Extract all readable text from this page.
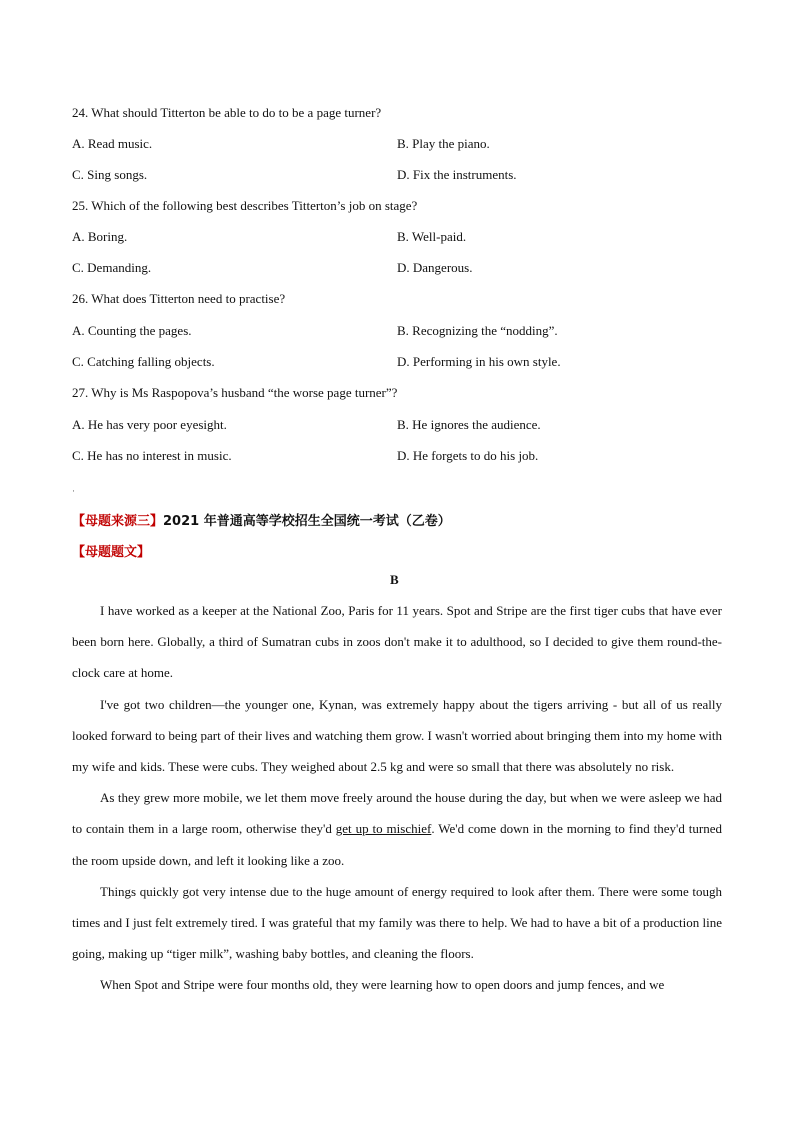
24. What should Titterton be able to do to be a page turner?
A. Read music.	B. Play the piano.
C. Sing songs.	D. Fix the instruments.
25. Which of the following best describes Titterton’s job on stage?
A. Boring.	B. Well-paid.
C. Demanding.	D. Dangerous.
26. What does Titterton need to practise?
A. Counting the pages.	B. Recognizing the “nodding”.
C. Catching falling objects.	D. Performing in his own style.
27. Why is Ms Raspopova’s husband “the worse page turner”?
A. He has very poor eyesight.	B. He ignores the audience.
C. He has no interest in music.	D. He forgets to do his job.
·
【母题来源三】2021 年普通高等学校招生全国统一考试（乙卷）
【母题题文】
B

I have worked as a keeper at the National Zoo, Paris for 11 years. Spot and Stripe are the first tiger cubs that have ever been born here. Globally, a third of Sumatran cubs in zoos don't make it to adulthood, so I decided to give them round-the-clock care at home.

I've got two children—the younger one, Kynan, was extremely happy about the tigers arriving - but all of us really looked forward to being part of their lives and watching them grow. I wasn't worried about bringing them into my home with my wife and kids. These were cubs. They weighed about 2.5 kg and were so small that there was absolutely no risk.

As they grew more mobile, we let them move freely around the house during the day, but when we were asleep we had to contain them in a large room, otherwise they'd get up to mischief. We'd come down in the morning to find they'd turned the room upside down, and left it looking like a zoo.

Things quickly got very intense due to the huge amount of energy required to look after them. There were some tough times and I just felt extremely tired. I was grateful that my family was there to help. We had to have a bit of a production line going, making up “tiger milk”, washing baby bottles, and cleaning the floors.

When Spot and Stripe were four months old, they were learning how to open doors and jump fences, and we
